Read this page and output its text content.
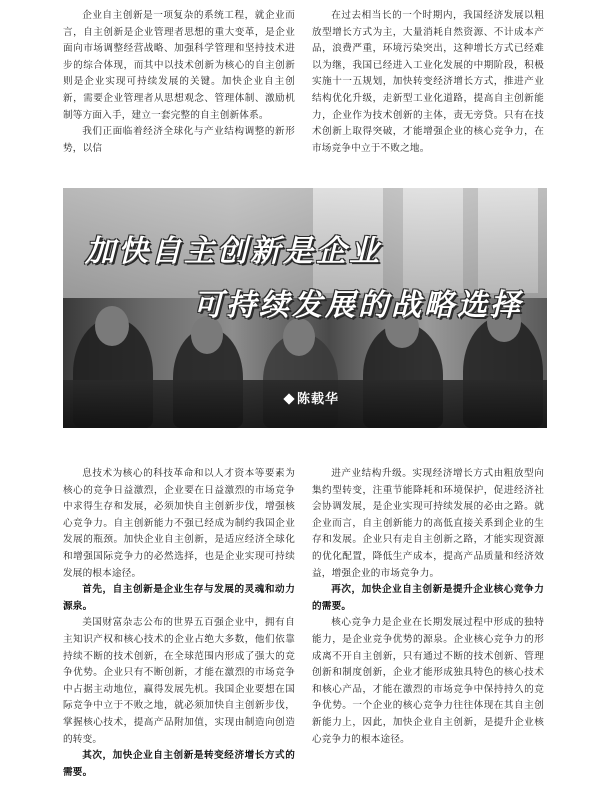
企业自主创新是一项复杂的系统工程，就企业而言，自主创新是企业管理者思想的重大变革，是企业面向市场调整经营战略、加强科学管理和坚持技术进步的综合体现，而其中以技术创新为核心的自主创新则是企业实现可持续发展的关键。加快企业自主创新，需要企业管理者从思想观念、管理体制、激励机制等方面入手，建立一套完整的自主创新体系。

我们正面临着经济全球化与产业结构调整的新形势，以信

在过去相当长的一个时期内，我国经济发展以粗放型增长方式为主，大量消耗自然资源、不计成本产品，浪费严重，环境污染突出，这种增长方式已经难以为继，我国已经进入工业化发展的中期阶段，积极实施十一五规划，加快转变经济增长方式，推进产业结构优化升级，走新型工业化道路，提高自主创新能力，企业作为技术创新的主体，责无旁贷。只有在技术创新上取得突破，才能增强企业的核心竞争力，在市场竞争中立于不败之地。

加快自主创新是企业
可持续发展的战略选择
陈载华

息技术为核心的科技革命和以人才资本等要素为核心的竞争日益激烈，企业要在日益激烈的市场竞争中求得生存和发展，必须加快自主创新步伐，增强核心竞争力。自主创新能力不强已经成为制约我国企业发展的瓶颈。加快企业自主创新，是适应经济全球化和增强国际竞争力的必然选择，也是企业实现可持续发展的根本途径。

首先，自主创新是企业生存与发展的灵魂和动力源泉。

美国财富杂志公布的世界五百强企业中，拥有自主知识产权和核心技术的企业占绝大多数，他们依靠持续不断的技术创新，在全球范围内形成了强大的竞争优势。企业只有不断创新，才能在激烈的市场竞争中占据主动地位，赢得发展先机。我国企业要想在国际竞争中立于不败之地，就必须加快自主创新步伐，掌握核心技术，提高产品附加值，实现由制造向创造的转变。

其次，加快企业自主创新是转变经济增长方式的需要。

进产业结构升级。实现经济增长方式由粗放型向集约型转变，注重节能降耗和环境保护，促进经济社会协调发展，是企业实现可持续发展的必由之路。就企业而言，自主创新能力的高低直接关系到企业的生存和发展。企业只有走自主创新之路，才能实现资源的优化配置，降低生产成本，提高产品质量和经济效益，增强企业的市场竞争力。

再次，加快企业自主创新是提升企业核心竞争力的需要。

核心竞争力是企业在长期发展过程中形成的独特能力，是企业竞争优势的源泉。企业核心竞争力的形成离不开自主创新，只有通过不断的技术创新、管理创新和制度创新，企业才能形成独具特色的核心技术和核心产品，才能在激烈的市场竞争中保持持久的竞争优势。一个企业的核心竞争力往往体现在其自主创新能力上，因此，加快企业自主创新，是提升企业核心竞争力的根本途径。
